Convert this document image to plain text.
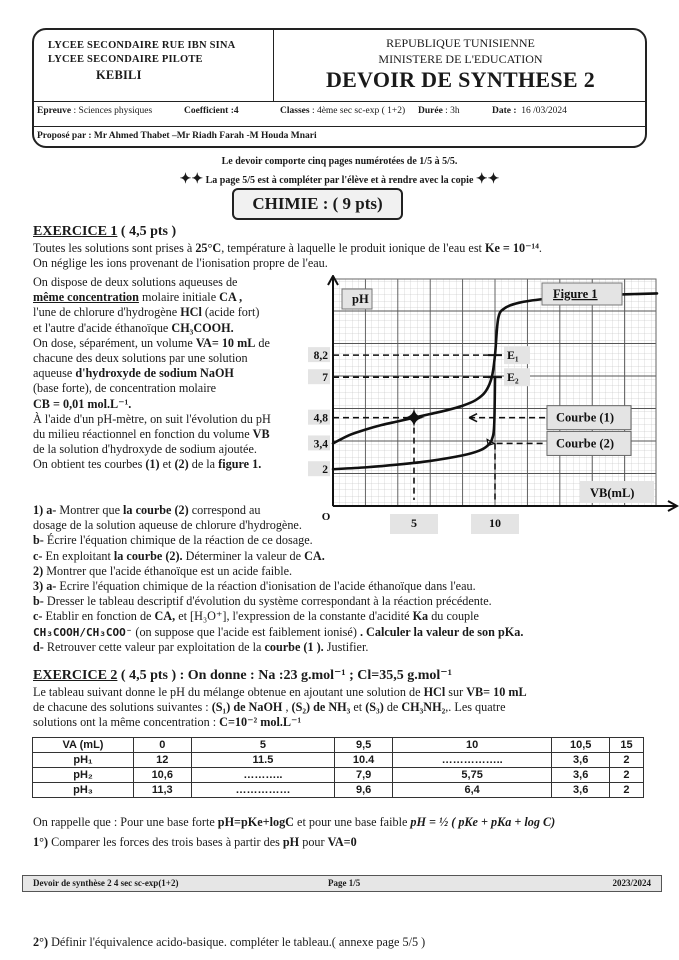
LYCEE SECONDAIRE RUE IBN SINA
LYCEE SECONDAIRE PILOTE
KEBILI
REPUBLIQUE TUNISIENNE
MINISTERE DE L'EDUCATION
DEVOIR DE SYNTHESE 2
Epreuve : Sciences physiques	Coefficient :4	Classes : 4ème sec sc-exp ( 1+2) Durée : 3h	Date : 16 /03/2024
Proposé par : Mr Ahmed Thabet –Mr Riadh Farah -M Houda Mnari
Le devoir comporte cinq pages numérotées de 1/5 à 5/5.
✦✦ La page 5/5 est à compléter par l'élève et à rendre avec la copie ✦✦
CHIMIE : ( 9 pts)
EXERCICE 1 ( 4,5 pts )
Toutes les solutions sont prises à 25°C, température à laquelle le produit ionique de l'eau est Ke = 10⁻¹⁴.
On néglige les ions provenant de l'ionisation propre de l'eau.
On dispose de deux solutions aqueuses de
même concentration molaire initiale CA ,
l'une de chlorure d'hydrogène HCl (acide fort)
et l'autre d'acide éthanoïque CH₃COOH.
On dose, séparément, un volume VA= 10 mL de
chacune des deux solutions par une solution
aqueuse d'hydroxyde de sodium NaOH
(base forte), de concentration molaire
CB = 0,01 mol.L⁻¹.
À l'aide d'un pH-mètre, on suit l'évolution du pH
du milieu réactionnel en fonction du volume VB
de la solution d'hydroxyde de sodium ajoutée.
On obtient tes courbes (1) et (2) de la figure 1.
1) a- Montrer que la courbe (2) correspond au
dosage de la solution aqueuse de chlorure d'hydrogène.
b- Écrire l'équation chimique de la réaction de ce dosage.
c- En exploitant la courbe (2). Déterminer la valeur de CA.
2) Montrer que l'acide éthanoïque est un acide faible.
3) a- Ecrire l'équation chimique de la réaction d'ionisation de l'acide éthanoïque dans l'eau.
b- Dresser le tableau descriptif d'évolution du système correspondant à la réaction précédente.
c- Etablir en fonction de CA, et [H₃O⁺], l'expression de la constante d'acidité Ka du couple
CH₃COOH/CH₃COO⁻ (on suppose que l'acide est faiblement ionisé) . Calculer la valeur de son pKa.
d- Retrouver cette valeur par exploitation de la courbe (1 ). Justifier.
pH	Figure 1
VB(mL)
O
2
3,4
4,8
7
8,2
5	10
E₁
E₂
Courbe (1)
Courbe (2)
EXERCICE 2 ( 4,5 pts ) : On donne : Na :23 g.mol⁻¹ ; Cl=35,5 g.mol⁻¹
Le tableau suivant donne le pH du mélange obtenue en ajoutant une solution de HCl sur VB= 10 mL
de chacune des solutions suivantes : (S₁) de NaOH , (S₂) de NH₃ et (S₃) de CH₃NH₂,. Les quatre
solutions ont la même concentration : C=10⁻² mol.L⁻¹
VA (mL)	0	5	9,5	10	10,5	15
pH₁	12	11.5	10.4	……………..	3,6	2
pH₂	10,6	………..	7,9	5,75	3,6	2
pH₃	11,3	……………	9,6	6,4	3,6	2
On rappelle que : Pour une base forte pH=pKe+logC et pour une base faible pH = ½ ( pKe + pKa + log C)
1°) Comparer les forces des trois bases à partir des pH pour VA=0
Devoir de synthèse 2 4 sec sc-exp(1+2)	Page 1/5	2023/2024
2°) Définir l'équivalence acido-basique. compléter le tableau.( annexe page 5/5 )
